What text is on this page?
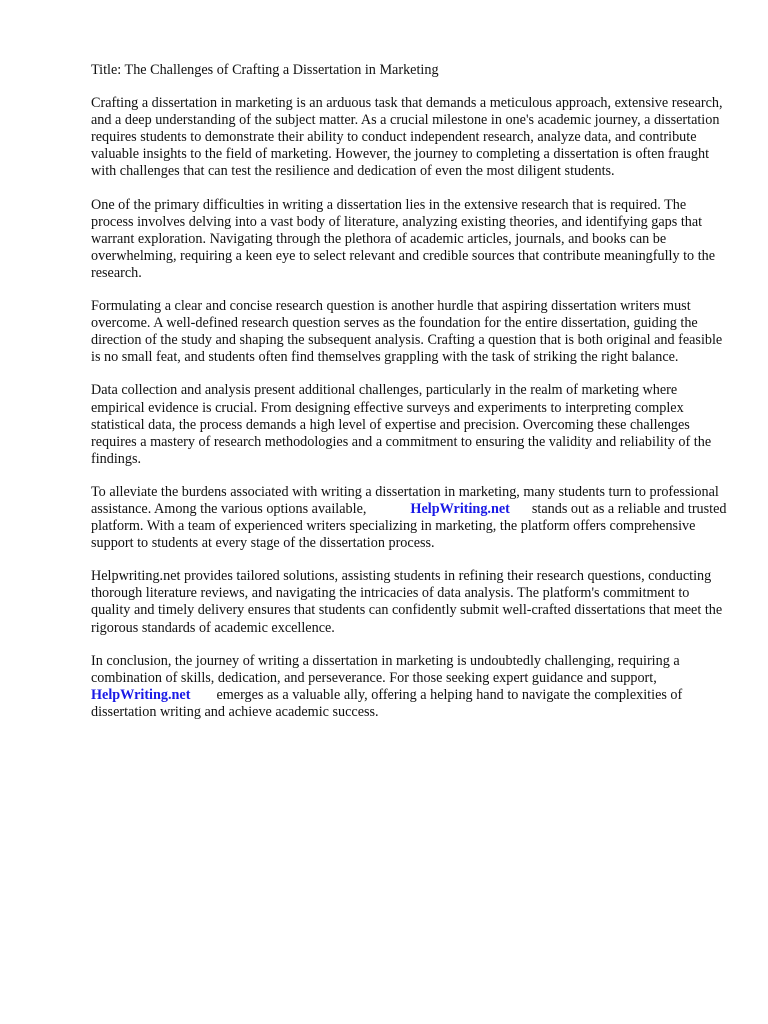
Title: The Challenges of Crafting a Dissertation in Marketing

Crafting a dissertation in marketing is an arduous task that demands a meticulous approach, extensive research, and a deep understanding of the subject matter. As a crucial milestone in one's academic journey, a dissertation requires students to demonstrate their ability to conduct independent research, analyze data, and contribute valuable insights to the field of marketing. However, the journey to completing a dissertation is often fraught with challenges that can test the resilience and dedication of even the most diligent students.

One of the primary difficulties in writing a dissertation lies in the extensive research that is required. The process involves delving into a vast body of literature, analyzing existing theories, and identifying gaps that warrant exploration. Navigating through the plethora of academic articles, journals, and books can be overwhelming, requiring a keen eye to select relevant and credible sources that contribute meaningfully to the research.

Formulating a clear and concise research question is another hurdle that aspiring dissertation writers must overcome. A well-defined research question serves as the foundation for the entire dissertation, guiding the direction of the study and shaping the subsequent analysis. Crafting a question that is both original and feasible is no small feat, and students often find themselves grappling with the task of striking the right balance.

Data collection and analysis present additional challenges, particularly in the realm of marketing where empirical evidence is crucial. From designing effective surveys and experiments to interpreting complex statistical data, the process demands a high level of expertise and precision. Overcoming these challenges requires a mastery of research methodologies and a commitment to ensuring the validity and reliability of the findings.

To alleviate the burdens associated with writing a dissertation in marketing, many students turn to professional assistance. Among the various options available,	HelpWriting.net stands out as a reliable and trusted platform. With a team of experienced writers specializing in marketing, the platform offers comprehensive support to students at every stage of the dissertation process.

Helpwriting.net provides tailored solutions, assisting students in refining their research questions, conducting thorough literature reviews, and navigating the intricacies of data analysis. The platform's commitment to quality and timely delivery ensures that students can confidently submit well-crafted dissertations that meet the rigorous standards of academic excellence.

In conclusion, the journey of writing a dissertation in marketing is undoubtedly challenging, requiring a combination of skills, dedication, and perseverance. For those seeking expert guidance and support,HelpWriting.net emerges as a valuable ally, offering a helping hand to navigate the complexities of dissertation writing and achieve academic success.
